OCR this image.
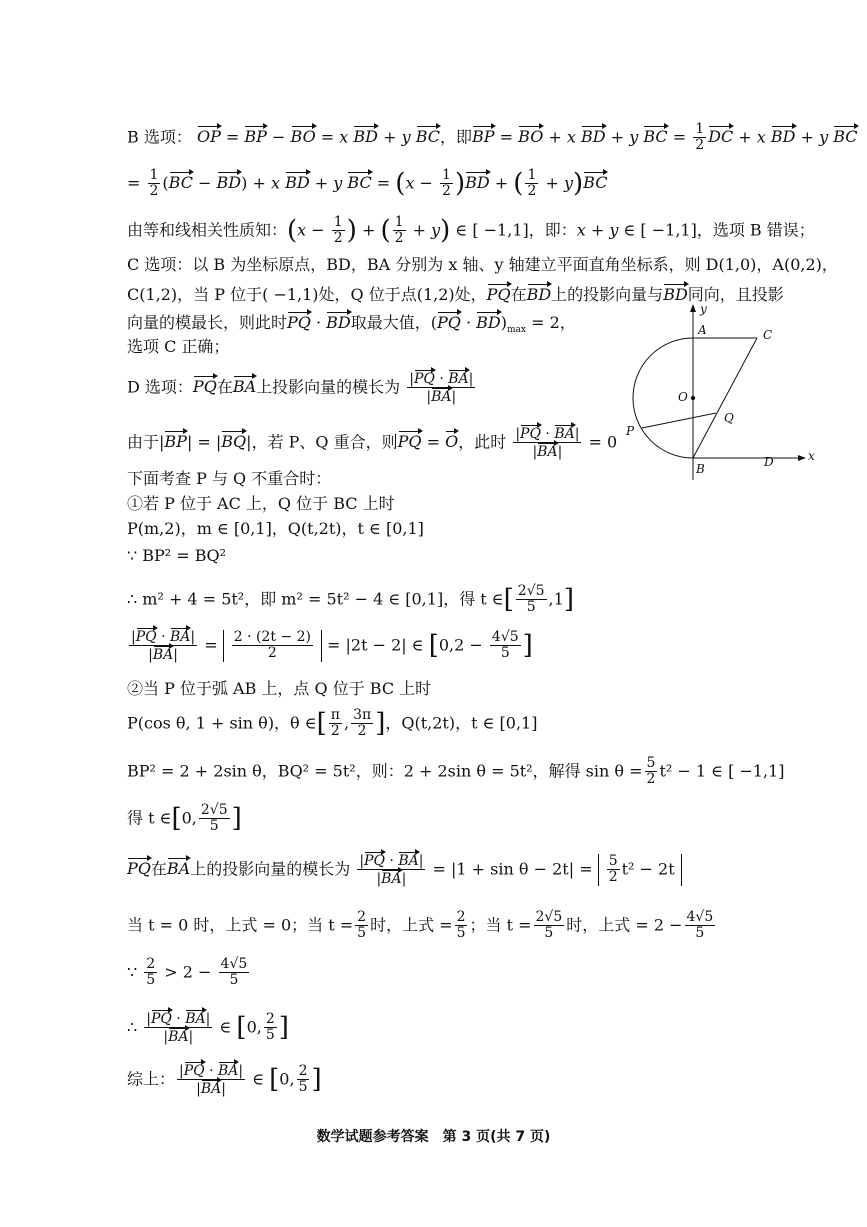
B 选项： OP = BP − BO = x BD + y BC，即BP = BO + x BD + y BC = $\frac{1}{2}$ DC + x BD + y BC
= $\frac{1}{2} (BC - BD) + x$ BD + y BC = $(x - \frac{1}{2} )BD$ + ( $\frac{1}{2} + y)BC$
由等和线相关性质知：($x - \frac{1}{2}$ ) + ( $\frac{1}{2} + y$) ∈ [ −1,1]，即：x + y ∈ [ −1,1]，选项 B 错误；
C 选项：以 B 为坐标原点，BD，BA 分别为 x 轴、y 轴建立平面直角坐标系，则 D(1,0)，A(0,2)，
C(1,2)，当 P 位于( −1,1)处，Q 位于点(1,2)处，PQ在BD上的投影向量与BD同向，且投影
向量的模最长，则此时PQ · BD取最大值，$(PQ \cdot BD)_{max} = 2$，
选项 C 正确；
D 选项：PQ在BA上投影向量的模长为 $\frac{|PQ \cdot BA|}{|BA|}$
由于|BP| = |BQ|，若 P、Q 重合，则PQ = O，此时 $\frac{|PQ \cdot BA|}{|BA|} = 0$
下面考查 P 与 Q 不重合时：
①若 P 位于 AC 上，Q 位于 BC 上时
P(m,2)，m ∈ [0,1]，Q(t,2t)，t ∈ [0,1]
∵ BP² = BQ²
∴ m² + 4 = 5t²，即 m² = 5t² − 4 ∈ [0,1]，得 t ∈[ $\frac{2√5}{5} ,1$]
$\frac{|PQ \cdot BA|}{|BA|} = \frac{2 \cdot (2t - 2)}{2} = |2t - 2|$ ∈ [$0,2 - \frac{4√5}{5}$ ]
②当 P 位于弧 AB 上，点 Q 位于 BC 上时
P(cos θ, 1 + sin θ)，θ ∈[ $\frac{\pi}{2}$ , $\frac{3\pi}{2}$ ]，Q(t,2t)，t ∈ [0,1]
BP² = 2 + 2sin θ，BQ² = 5t²，则：2 + 2sin θ = 5t²，解得 $\sin \theta = \frac{5}{2} t^2 - 1$ ∈ [ −1,1]
得 t ∈[0, $\frac{2√5}{5}$ ]
PQ在BA上的投影向量的模长为 $\frac{|PQ \cdot BA|}{|BA|} = |1 + \sin \theta - 2t| = \frac{5}{2} t^2 - 2t$
当 t = 0 时，上式 = 0；当 $t = \frac{2}{5}$ 时，上式 = $\frac{2}{5}$ ；当 $t = \frac{2√5}{5}$ 时，上式 = $2 - \frac{4√5}{5}$
∵ $\frac{2}{5} > 2 - \frac{4√5}{5}$
∴ $\frac{|PQ \cdot BA|}{|BA|}$ ∈ [0, $\frac{2}{5}$ ]
综上： $\frac{|PQ \cdot BA|}{|BA|}$ ∈ [0, $\frac{2}{5}$ ]
y
A	C
O
Q
P
B	D	x
数学试题参考答案　第 3 页(共 7 页)
